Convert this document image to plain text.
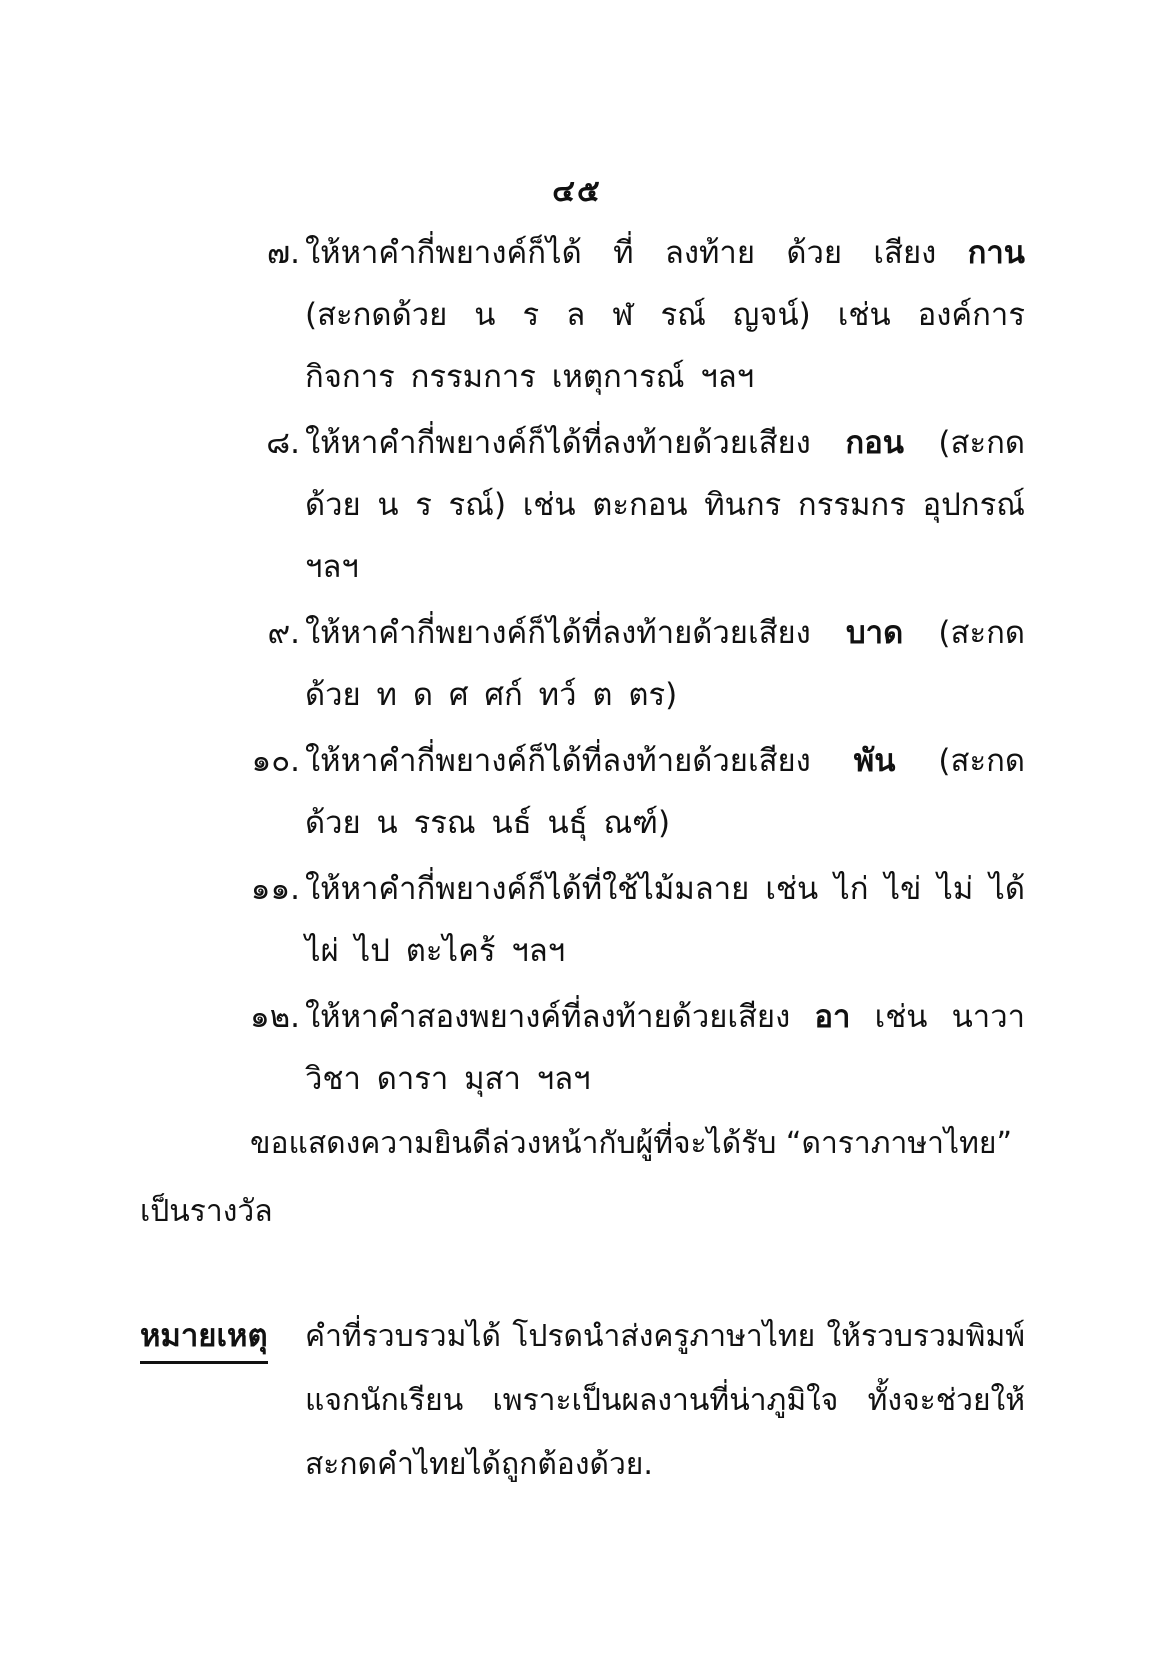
๔๕
๗. ให้หาคำกี่พยางค์ก็ได้ ที่ ลงท้าย ด้วย เสียง กาน (สะกดด้วย น ร ล ฬ รณ์ ญจน์) เช่น องค์การ กิจการ กรรมการ เหตุการณ์ ฯลฯ
๘. ให้หาคำกี่พยางค์ก็ได้ที่ลงท้ายด้วยเสียง กอน (สะกดด้วย น ร รณ์) เช่น ตะกอน ทินกร กรรมกร อุปกรณ์ ฯลฯ
๙. ให้หาคำกี่พยางค์ก็ได้ที่ลงท้ายด้วยเสียง บาด (สะกดด้วย ท ด ศ ศก์ ทว์ ต ตร)
๑๐. ให้หาคำกี่พยางค์ก็ได้ที่ลงท้ายด้วยเสียง พัน (สะกดด้วย น รรณ นธ์ นธุ์ ณฑ์)
๑๑. ให้หาคำกี่พยางค์ก็ได้ที่ใช้ไม้มลาย เช่น ไก่ ไข่ ไม่ ได้ ไผ่ ไป ตะไคร้ ฯลฯ
๑๒. ให้หาคำสองพยางค์ที่ลงท้ายด้วยเสียง อา เช่น นาวา วิชา ดารา มุสา ฯลฯ
ขอแสดงความยินดีล่วงหน้ากับผู้ที่จะได้รับ “ดาราภาษาไทย” เป็นรางวัล
หมายเหตุ คำที่รวบรวมได้ โปรดนำส่งครูภาษาไทย ให้รวบรวมพิมพ์แจกนักเรียน เพราะเป็นผลงานที่น่าภูมิใจ ทั้งจะช่วยให้สะกดคำไทยได้ถูกต้องด้วย.
